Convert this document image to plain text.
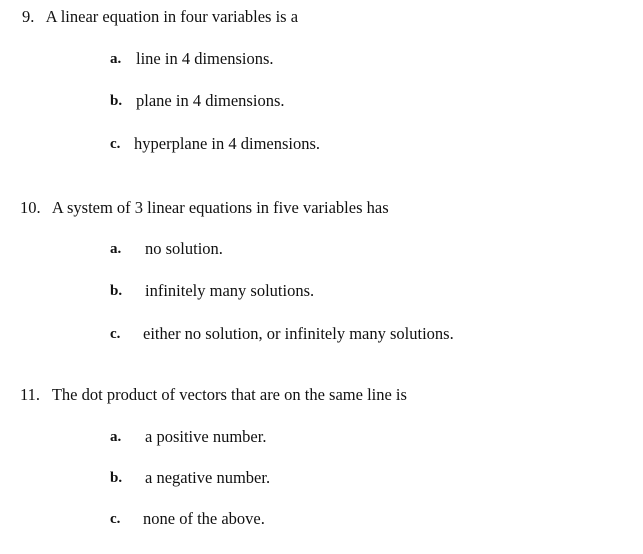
9. A linear equation in four variables is a
a. line in 4 dimensions.
b. plane in 4 dimensions.
c. hyperplane in 4 dimensions.
10. A system of 3 linear equations in five variables has
a. no solution.
b. infinitely many solutions.
c. either no solution, or infinitely many solutions.
11. The dot product of vectors that are on the same line is
a. a positive number.
b. a negative number.
c. none of the above.
